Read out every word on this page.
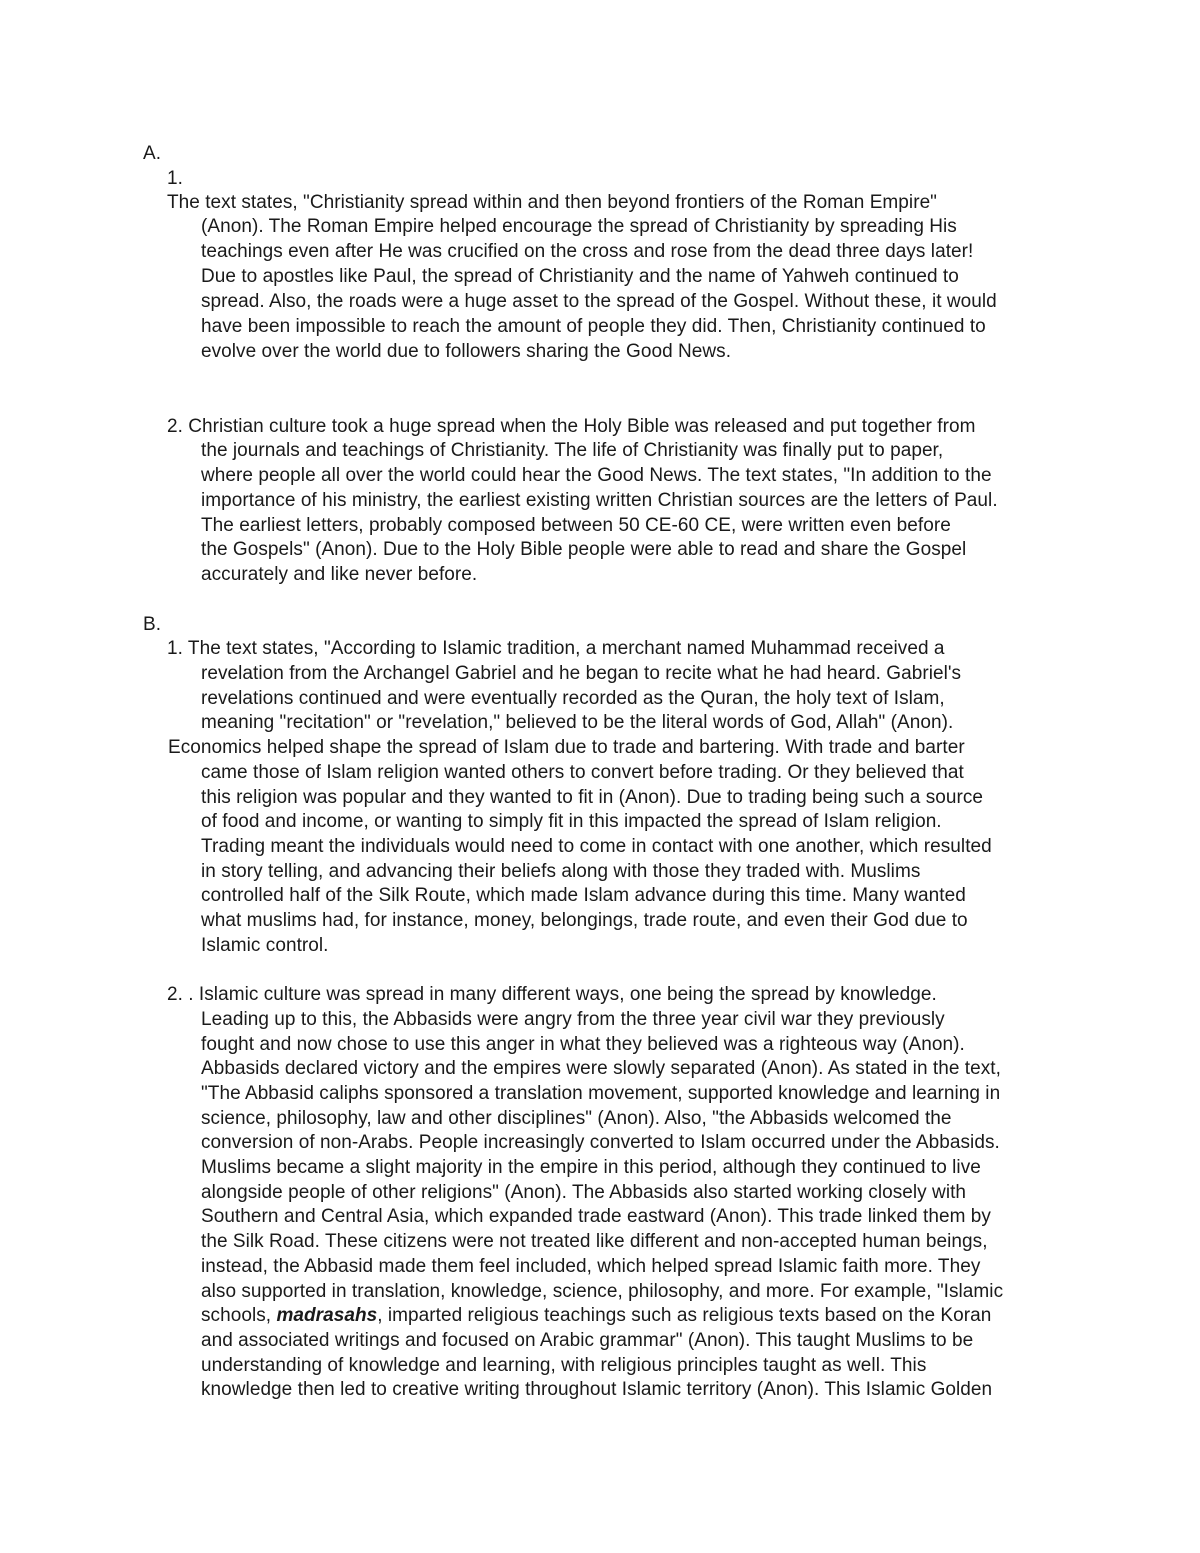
A.
1.
The text states, "Christianity spread within and then beyond frontiers of the Roman Empire"
(Anon). The Roman Empire helped encourage the spread of Christianity by spreading His
teachings even after He was crucified on the cross and rose from the dead three days later!
Due to apostles like Paul, the spread of Christianity and the name of Yahweh continued to
spread. Also, the roads were a huge asset to the spread of the Gospel. Without these, it would
have been impossible to reach the amount of people they did. Then, Christianity continued to
evolve over the world due to followers sharing the Good News.
2. Christian culture took a huge spread when the Holy Bible was released and put together from
the journals and teachings of Christianity. The life of Christianity was finally put to paper,
where people all over the world could hear the Good News. The text states, "In addition to the
importance of his ministry, the earliest existing written Christian sources are the letters of Paul.
The earliest letters, probably composed between 50 CE-60 CE, were written even before
the Gospels" (Anon). Due to the Holy Bible people were able to read and share the Gospel
accurately and like never before.
B.
1. The text states, "According to Islamic tradition, a merchant named Muhammad received a
revelation from the Archangel Gabriel and he began to recite what he had heard. Gabriel's
revelations continued and were eventually recorded as the Quran, the holy text of Islam,
meaning "recitation" or "revelation," believed to be the literal words of God, Allah" (Anon).
Economics helped shape the spread of Islam due to trade and bartering. With trade and barter
came those of Islam religion wanted others to convert before trading. Or they believed that
this religion was popular and they wanted to fit in (Anon). Due to trading being such a source
of food and income, or wanting to simply fit in this impacted the spread of Islam religion.
Trading meant the individuals would need to come in contact with one another, which resulted
in story telling, and advancing their beliefs along with those they traded with. Muslims
controlled half of the Silk Route, which made Islam advance during this time. Many wanted
what muslims had, for instance, money, belongings, trade route, and even their God due to
Islamic control.
2. . Islamic culture was spread in many different ways, one being the spread by knowledge.
Leading up to this, the Abbasids were angry from the three year civil war they previously
fought and now chose to use this anger in what they believed was a righteous way (Anon).
Abbasids declared victory and the empires were slowly separated (Anon). As stated in the text,
"The Abbasid caliphs sponsored a translation movement, supported knowledge and learning in
science, philosophy, law and other disciplines" (Anon). Also, "the Abbasids welcomed the
conversion of non-Arabs. People increasingly converted to Islam occurred under the Abbasids.
Muslims became a slight majority in the empire in this period, although they continued to live
alongside people of other religions" (Anon). The Abbasids also started working closely with
Southern and Central Asia, which expanded trade eastward (Anon). This trade linked them by
the Silk Road. These citizens were not treated like different and non-accepted human beings,
instead, the Abbasid made them feel included, which helped spread Islamic faith more. They
also supported in translation, knowledge, science, philosophy, and more. For example, "Islamic
schools, madrasahs, imparted religious teachings such as religious texts based on the Koran
and associated writings and focused on Arabic grammar" (Anon). This taught Muslims to be
understanding of knowledge and learning, with religious principles taught as well. This
knowledge then led to creative writing throughout Islamic territory (Anon). This Islamic Golden
